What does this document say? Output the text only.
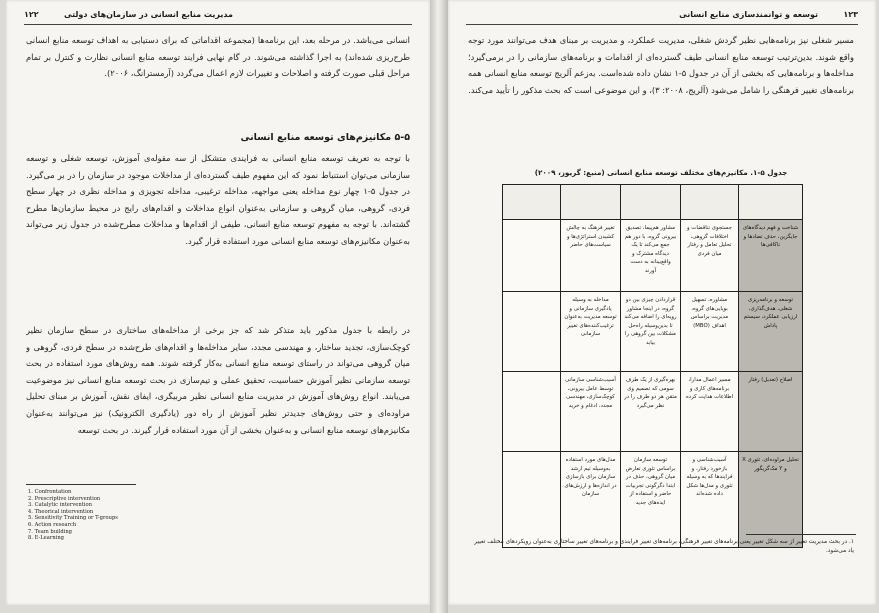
۱۲۲	مدیریت منابع انسانی در سازمان‌های دولتی
انسانی می‌باشد. در مرحله بعد، این برنامه‌ها (مجموعه اقداماتی که برای دستیابی به اهداف توسعه منابع انسانی طرح‌ریزی شده‌اند) به اجرا گذاشته می‌شوند. در گام نهایی فرایند توسعه منابع انسانی نظارت و کنترل بر تمام مراحل قبلی صورت گرفته و اصلاحات و تغییرات لازم اعمال می‌گردد (آرمسترانگ، ۲۰۰۶).
۵-۵ مکانیزم‌های توسعه منابع انسانی
با توجه به تعریف توسعه منابع انسانی به فرایندی متشکل از سه مقوله‌ی آموزش، توسعه شغلی و توسعه سازمانی می‌توان استنباط نمود که این مفهوم طیف گسترده‌ای از مداخلات موجود در سازمان را در بر می‌گیرد. در جدول ۵-۱ چهار نوع مداخله یعنی مواجهه، مداخله ترغیبی، مداخله تجویزی و مداخله نظری در چهار سطح فردی، گروهی، میان گروهی و سازمانی به‌عنوان انواع مداخلات و اقدام‌های رایج در محیط سازمان‌ها مطرح گشته‌اند. با توجه به مفهوم توسعه منابع انسانی، طیفی از اقدام‌ها و مداخلات مطرح‌شده در جدول زیر می‌تواند به‌عنوان مکانیزم‌های توسعه منابع انسانی مورد استفاده قرار گیرد.
در رابطه با جدول مذکور باید متذکر شد که جز برخی از مداخله‌های ساختاری در سطح سازمان نظیر کوچک‌سازی، تجدید ساختار، و مهندسی مجدد، سایر مداخله‌ها و اقدام‌های طرح‌شده در سطح فردی، گروهی و میان گروهی می‌تواند در راستای توسعه منابع انسانی به‌کار گرفته شوند. همه روش‌های مورد استفاده در بحث توسعه سازمانی نظیر آموزش حساسیت، تحقیق عملی و تیم‌سازی در بحث توسعه منابع انسانی نیز موضوعیت می‌یابند. انواع روش‌های آموزش در مدیریت منابع انسانی نظیر مربیگری، ایفای نقش، آموزش بر مبنای تحلیل مراوده‌ای و حتی روش‌های جدیدتر نظیر آموزش از راه دور (یادگیری الکترونیک) نیز می‌توانند به‌عنوان مکانیزم‌های توسعه منابع انسانی و به‌عنوان بخشی از آن مورد استفاده قرار گیرند. در بحث توسعه
1. Confrontation
2. Prescriptive intervention
3. Catalytic intervention
4. Theorical intervention
5. Sensitivity Training or T-groups
6. Action research
7. Team building
8. E-Learning
۱۲۳
توسعه و توانمندسازی منابع انسانی
مسیر شغلی نیز برنامه‌هایی نظیر گردش شغلی، مدیریت عملکرد، و مدیریت بر مبنای هدف می‌توانند مورد توجه واقع شوند. بدین‌ترتیب توسعه منابع انسانی طیف گسترده‌ای از اقدامات و برنامه‌های سازمانی را در برمی‌گیرد؛ مداخله‌ها و برنامه‌هایی که بخشی از آن در جدول ۵-۱ نشان داده شده‌است. به‌زعم آلریج توسعه منابع انسانی همه برنامه‌های تغییر فرهنگی را شامل می‌شود (آلریج، ۲۰۰۸: ۳)، و این موضوعی است که بحث مذکور را تأیید می‌کند.
جدول ۵-۱. مکانیزم‌های مختلف توسعه منابع انسانی (منبع: گریوز، ۲۰۰۹)

شناخت و فهم دیدگاه‌های جایگزین، حذف تضادها و ناکافی‌ها	جستجوی تناقضات و اختلافات گروهی، تحلیل تعامل و رفتار میان فردی	مشاور هم‌پیما، تصدیق بیرونی گروه، با دور هم جمع می‌کند تا یک دیدگاه مشترک و واقع‌بینانه به دست آورند	تغییر فرهنگ به چالش کشیدن استراتژی‌ها و سیاست‌های حاضر	
توسعه و برنامه‌ریزی شغلی، هدف‌گذاری، ارزیابی عملکرد، سیستم پاداش	مشاوره، تسهیل بویایی‌های گروه، مدیریت براساس اهداف (MBO)	قراردادن چیزی بین دو گروه، در اینجا مشاور رویه‌ای را اضافه می‌کند تا بدین‌وسیله راه‌حل مشکلات بین گروهی را بیابد	مداخله به وسیله یادگیری سازمانی و توسعه مدیریت به‌عنوان ترغیب‌کننده‌های تغییر سازمانی	
اصلاح (تعدیل) رفتار	مسیر اعمال مدارا، برنامه‌های کاری و اطلاعات هدایت کرده	بهره‌گیری از یک طرف سومی که تصمیم وی متقن هر دو طرف را در نظر می‌گیرد	آسیب‌شناسی سازمانی توسط عامل بیرونی، کوچک‌سازی، مهندسی مجدد، ادغام و خرید	
تحلیل مراوده‌ای، تئوری X و Y مک‌گریگور	آسیب‌شناسی و بازخورد رفتار، و فرایندها که به وسیله تئوری و مدل‌ها شکل داده شده‌اند	توسعه سازمان براساس تئوری تعارض میان گروهی، حذف در ابتدا دگرگونی تجربیات حاضر و استفاده از ایده‌های جدید	مدل‌های مورد استفاده به‌وسیله تیم ارشد سازمان برای بازسازی در اندازه‌ها و ارزش‌های سازمان	
۱. در بحث مدیریت تغییر از سه شکل تغییر یعنی برنامه‌های تغییر فرهنگی، برنامه‌های تغییر فرایندی و برنامه‌های تغییر ساختاری به‌عنوان رویکردهای مختلف تغییر یاد می‌شود.
